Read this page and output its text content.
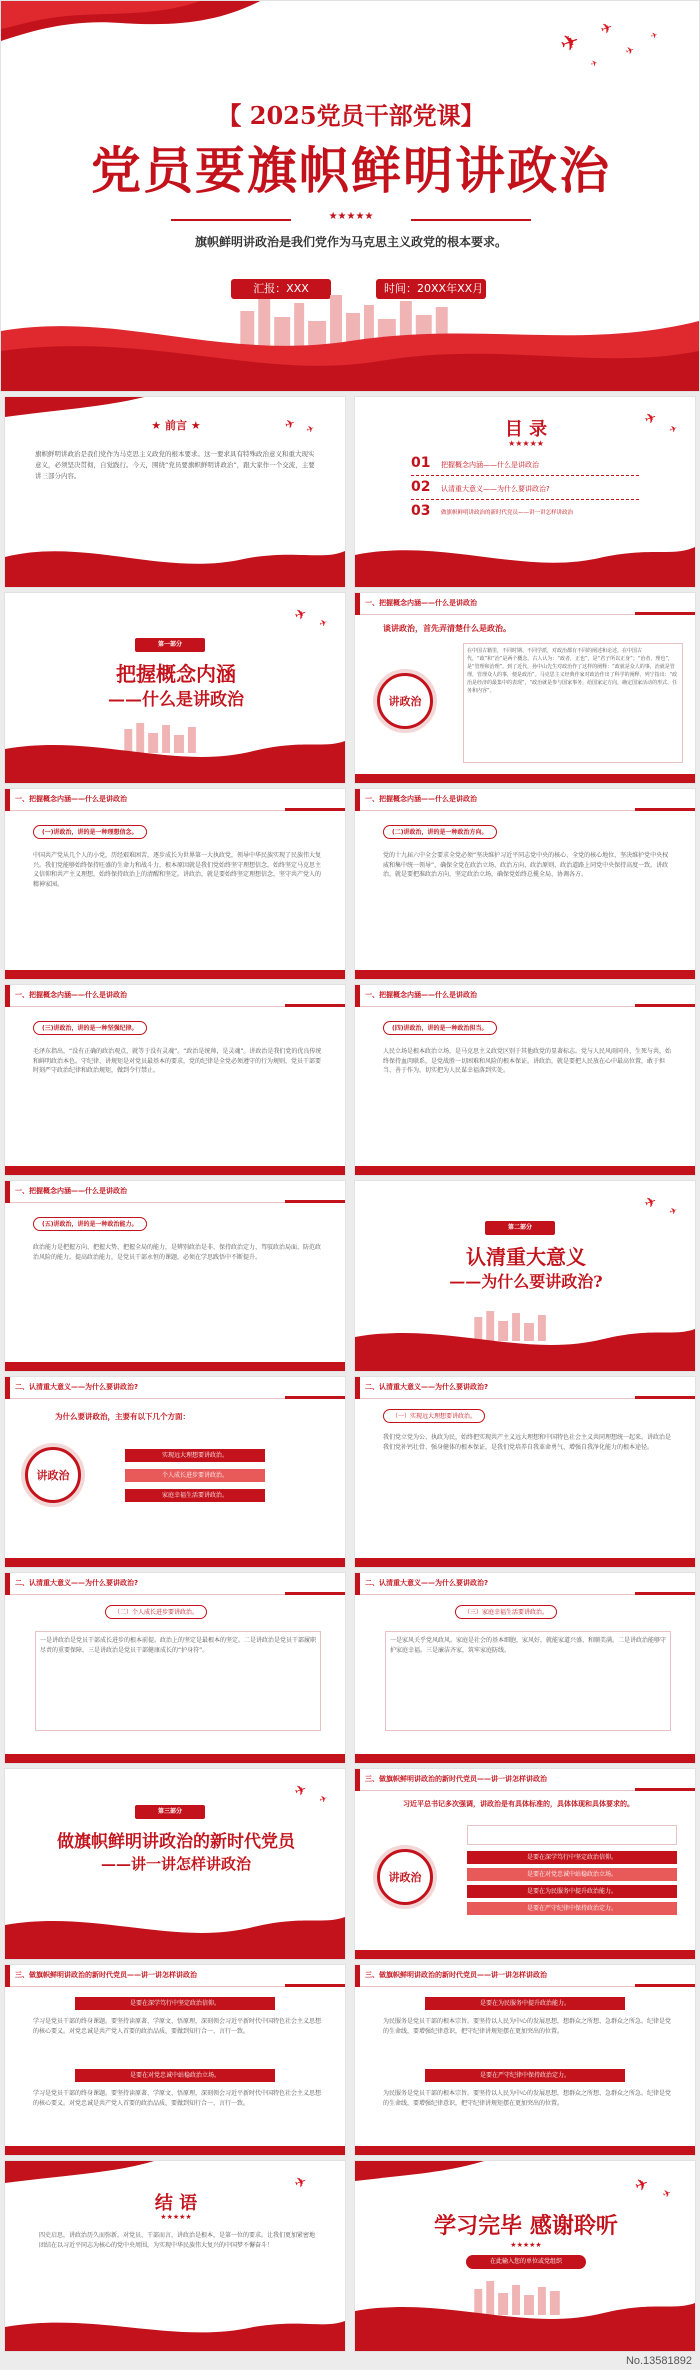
✈ ✈
✈
✈
✈
【 2025党员干部党课】
党员要旗帜鲜明讲政治
★★★★★
旗帜鲜明讲政治是我们党作为马克思主义政党的根本要求。
汇报：XXX	时间：20XX年XX月
✈ ✈
★ 前言 ★
旗帜鲜明讲政治是我们党作为马克思主义政党的根本要求。这一要求具有特殊政治意义和重大现实意义，必须坚决贯彻，自觉践行。今天，围绕“党员要旗帜鲜明讲政治”，跟大家作一个交流，主要讲三部分内容。
✈
✈
目 录
★★★★★
01 把握概念内涵——什么是讲政治
02 认清重大意义——为什么要讲政治?
03 做旗帜鲜明讲政治的新时代党员——讲一讲怎样讲政治
✈ ✈
第一部分
把握概念内涵
——什么是讲政治
一、把握概念内涵——什么是讲政治
谈讲政治，首先弄清楚什么是政治。
讲政治
在中国古籍里，不同时期、不同学派，对政治都有不同的阐述和论述。在中国古代，“政”和“治”是两个概念。古人认为：“政者，正也”，是“君子所以正身”；“治者，理也”，是“管理和治理”。到了近代，孙中山先生对政治作了这样的阐释：“政就是众人的事，治就是管理，管理众人的事，便是政治”。马克思主义经典作家对政治作出了科学的阐释，列宁指出：“政治是经济的最集中的表现”，“政治就是参与国家事务，给国家定方向，确定国家活动的形式、任务和内容”。
一、把握概念内涵——什么是讲政治
(一)讲政治，讲的是一种理想信念。
中国共产党从几个人的小党，历经艰难困苦，逐步成长为世界第一大执政党，领导中华民族实现了民族伟大复兴。我们党能够始终保持旺盛的生命力和战斗力，根本原因就是我们党始终坚守理想信念，始终坚定马克思主义信仰和共产主义理想，始终保持政治上的清醒和坚定。讲政治，就是要始终坚定理想信念，坚守共产党人的精神家园。
一、把握概念内涵——什么是讲政治
(二)讲政治，讲的是一种政治方向。
党的十九届六中全会要求全党必须“坚决维护习近平同志党中央的核心、全党的核心地位，坚决维护党中央权威和集中统一领导”，确保全党在政治立场、政治方向、政治原则、政治道路上同党中央保持高度一致。讲政治，就是要把准政治方向，坚定政治立场，确保党始终总揽全局、协调各方。
一、把握概念内涵——什么是讲政治
(三)讲政治，讲的是一种坚强纪律。
毛泽东指出，“没有正确的政治观点，就等于没有灵魂”。“政治是统帅，是灵魂”。讲政治是我们党的优良传统和鲜明政治本色。守纪律、讲规矩是对党员最基本的要求，党的纪律是全党必须遵守的行为规则，党员干部要时刻严守政治纪律和政治规矩，做到令行禁止。
一、把握概念内涵——什么是讲政治
(四)讲政治，讲的是一种政治担当。
人民立场是根本政治立场，是马克思主义政党区别于其他政党的显著标志。党与人民风雨同舟、生死与共，始终保持血肉联系，是党战胜一切困难和风险的根本保证。讲政治，就是要把人民放在心中最高位置，敢于担当、善于作为，切实把为人民谋幸福落到实处。
一、把握概念内涵——什么是讲政治
(五)讲政治，讲的是一种政治能力。
政治能力是把握方向、把握大势、把握全局的能力，是辨别政治是非、保持政治定力、驾驭政治局面、防范政治风险的能力。提高政治能力，是党员干部永恒的课题，必须在学思践悟中不断提升。
✈ ✈
第二部分
认清重大意义
——为什么要讲政治?
二、认清重大意义——为什么要讲政治?
为什么要讲政治，主要有以下几个方面：
讲政治
实现远大理想要讲政治。
个人成长进步要讲政治。
家庭幸福生活要讲政治。
二、认清重大意义——为什么要讲政治?
（一）实现远大理想要讲政治。
我们党立党为公、执政为民，始终把实现共产主义远大理想和中国特色社会主义共同理想统一起来。讲政治是我们党补钙壮骨、强身健体的根本保证，是我们党培养自我革命勇气、增强自我净化能力的根本途径。
二、认清重大意义——为什么要讲政治?
（二）个人成长进步要讲政治。
一是讲政治是党员干部成长进步的根本前提。政治上的坚定是最根本的坚定。二是讲政治是党员干部履职尽责的重要保障。三是讲政治是党员干部健康成长的“护身符”。
二、认清重大意义——为什么要讲政治?
（三）家庭幸福生活要讲政治。
一是家风关乎党风政风。家庭是社会的基本细胞，家风好，就能家道兴盛、和顺美满。二是讲政治能够守护家庭幸福。三是廉洁齐家，筑牢家庭防线。
✈ ✈
第三部分
做旗帜鲜明讲政治的新时代党员
——讲一讲怎样讲政治
三、做旗帜鲜明讲政治的新时代党员——讲一讲怎样讲政治
习近平总书记多次强调，讲政治是有具体标准的，具体体现和具体要求的。
讲政治
是要在深学笃行中坚定政治信仰。
是要在对党忠诚中站稳政治立场。
是要在为民服务中提升政治能力。
是要在严守纪律中保持政治定力。
三、做旗帜鲜明讲政治的新时代党员——讲一讲怎样讲政治
是要在深学笃行中坚定政治信仰。
学习是党员干部的终身课题。要坚持读原著、学原文、悟原理，深刻领会习近平新时代中国特色社会主义思想的核心要义。对党忠诚是共产党人首要的政治品质，要做到知行合一、言行一致。
是要在对党忠诚中站稳政治立场。
学习是党员干部的终身课题。要坚持读原著、学原文、悟原理，深刻领会习近平新时代中国特色社会主义思想的核心要义。对党忠诚是共产党人首要的政治品质，要做到知行合一、言行一致。
三、做旗帜鲜明讲政治的新时代党员——讲一讲怎样讲政治
是要在为民服务中提升政治能力。
为民服务是党员干部的根本宗旨。要坚持以人民为中心的发展思想，想群众之所想、急群众之所急。纪律是党的生命线，要增强纪律意识，把守纪律讲规矩摆在更加突出的位置。
是要在严守纪律中保持政治定力。
为民服务是党员干部的根本宗旨。要坚持以人民为中心的发展思想，想群众之所想、急群众之所急。纪律是党的生命线，要增强纪律意识，把守纪律讲规矩摆在更加突出的位置。
✈
结 语
★★★★★
四史启思，讲政治历久而弥新。对党员、干部而言，讲政治是根本，是第一位的要求。让我们更加紧密地团结在以习近平同志为核心的党中央周围，为实现中华民族伟大复兴的中国梦不懈奋斗！
✈ ✈
学习完毕 感谢聆听
★★★★★
在此输入您的单位或党组织
No.13581892
